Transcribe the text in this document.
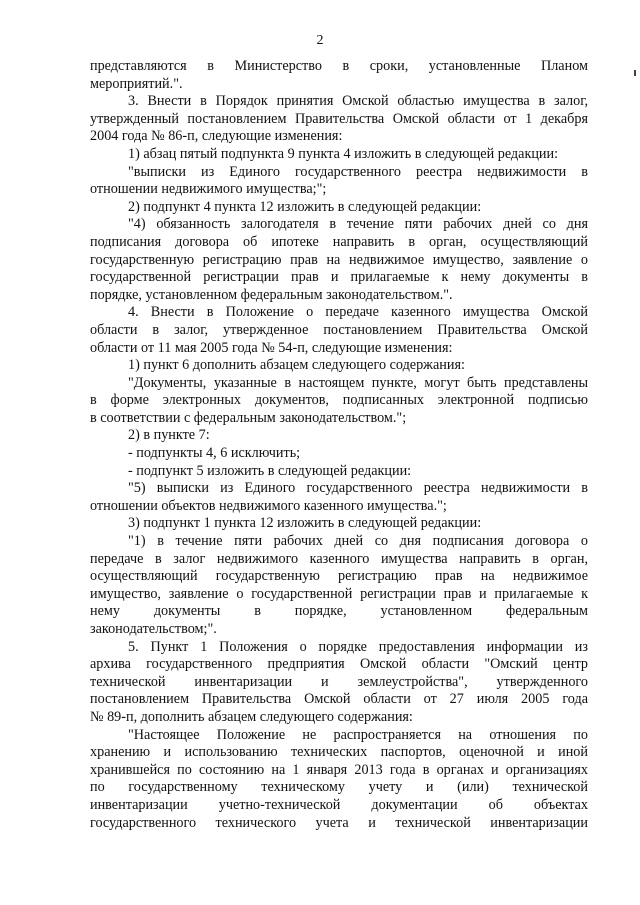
2
представляются в Министерство в сроки, установленные Планом
мероприятий.".
3. Внести в Порядок принятия Омской областью имущества в залог,
утвержденный постановлением Правительства Омской области от 1 декабря
2004 года № 86-п, следующие изменения:
1) абзац пятый подпункта 9 пункта 4 изложить в следующей редакции:
"выписки из Единого государственного реестра недвижимости в
отношении недвижимого имущества;";
2) подпункт 4 пункта 12 изложить в следующей редакции:
"4) обязанность залогодателя в течение пяти рабочих дней со дня
подписания договора об ипотеке направить в орган, осуществляющий
государственную регистрацию прав на недвижимое имущество, заявление о
государственной регистрации прав и прилагаемые к нему документы в
порядке, установленном федеральным законодательством.".
4. Внести в Положение о передаче казенного имущества Омской
области в залог, утвержденное постановлением Правительства Омской
области от 11 мая 2005 года № 54-п, следующие изменения:
1) пункт 6 дополнить абзацем следующего содержания:
"Документы, указанные в настоящем пункте, могут быть представлены
в форме электронных документов, подписанных электронной подписью
в соответствии с федеральным законодательством.";
2) в пункте 7:
- подпункты 4, 6 исключить;
- подпункт 5 изложить в следующей редакции:
"5) выписки из Единого государственного реестра недвижимости в
отношении объектов недвижимого казенного имущества.";
3) подпункт 1 пункта 12 изложить в следующей редакции:
"1) в течение пяти рабочих дней со дня подписания договора о
передаче в залог недвижимого казенного имущества направить в орган,
осуществляющий государственную регистрацию прав на недвижимое
имущество, заявление о государственной регистрации прав и прилагаемые к
нему документы в порядке, установленном федеральным
законодательством;".
5. Пункт 1 Положения о порядке предоставления информации из
архива государственного предприятия Омской области "Омский центр
технической инвентаризации и землеустройства", утвержденного
постановлением Правительства Омской области от 27 июля 2005 года
№ 89-п, дополнить абзацем следующего содержания:
"Настоящее Положение не распространяется на отношения по
хранению и использованию технических паспортов, оценочной и иной
хранившейся по состоянию на 1 января 2013 года в органах и организациях
по государственному техническому учету и (или) технической
инвентаризации учетно-технической документации об объектах
государственного технического учета и технической инвентаризации
